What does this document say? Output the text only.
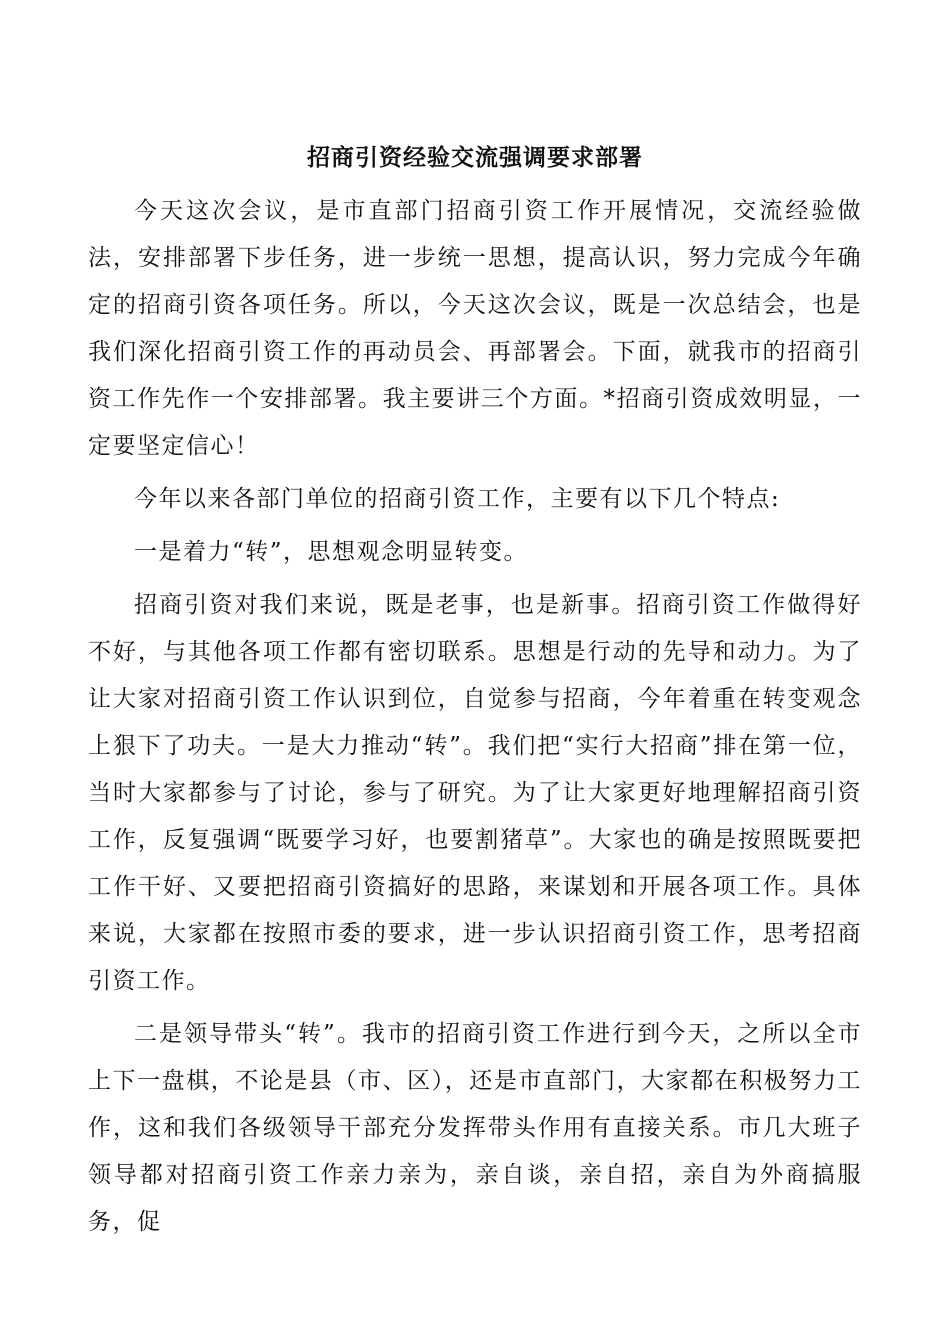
招商引资经验交流强调要求部署

今天这次会议，是市直部门招商引资工作开展情况，交流经验做法，安排部署下步任务，进一步统一思想，提高认识，努力完成今年确定的招商引资各项任务。所以，今天这次会议，既是一次总结会，也是我们深化招商引资工作的再动员会、再部署会。下面，就我市的招商引资工作先作一个安排部署。我主要讲三个方面。*招商引资成效明显，一定要坚定信心！

今年以来各部门单位的招商引资工作，主要有以下几个特点:

一是着力“转”，思想观念明显转变。

招商引资对我们来说，既是老事，也是新事。招商引资工作做得好不好，与其他各项工作都有密切联系。思想是行动的先导和动力。为了让大家对招商引资工作认识到位，自觉参与招商，今年着重在转变观念上狠下了功夫。一是大力推动“转”。我们把“实行大招商”排在第一位，当时大家都参与了讨论，参与了研究。为了让大家更好地理解招商引资工作，反复强调“既要学习好，也要割猪草”。大家也的确是按照既要把工作干好、又要把招商引资搞好的思路，来谋划和开展各项工作。具体来说，大家都在按照市委的要求，进一步认识招商引资工作，思考招商引资工作。

二是领导带头“转”。我市的招商引资工作进行到今天，之所以全市上下一盘棋，不论是县（市、区），还是市直部门，大家都在积极努力工作，这和我们各级领导干部充分发挥带头作用有直接关系。市几大班子领导都对招商引资工作亲力亲为，亲自谈，亲自招，亲自为外商搞服务，促
